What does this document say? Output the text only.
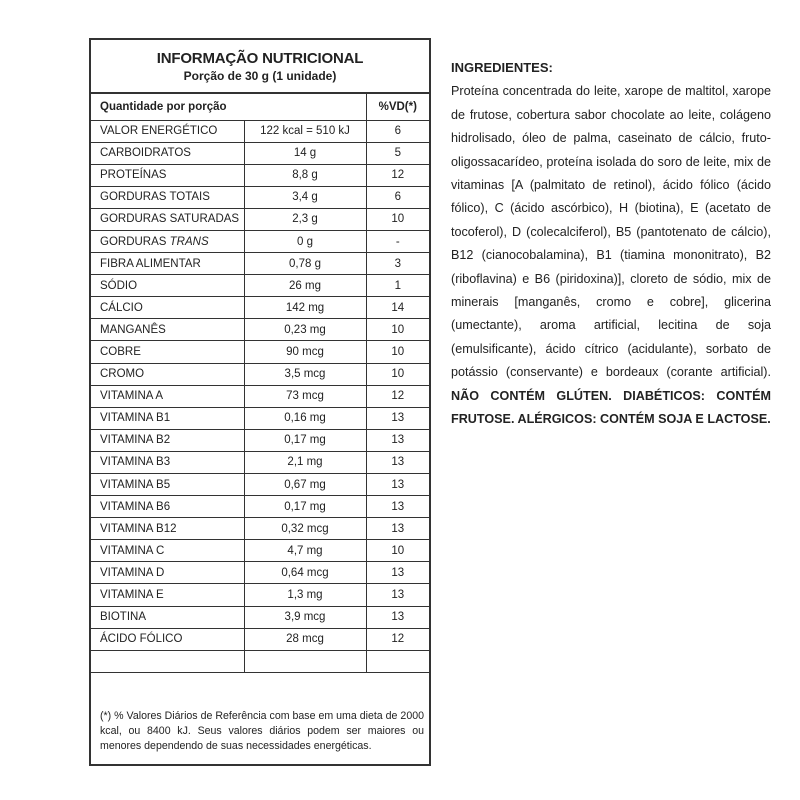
INFORMAÇÃO NUTRICIONAL
Porção de 30 g (1 unidade)
Quantidade por porção		%VD(*)
VALOR ENERGÉTICO	122 kcal = 510 kJ	6
CARBOIDRATOS	14 g	5
PROTEÍNAS	8,8 g	12
GORDURAS TOTAIS	3,4 g	6
GORDURAS SATURADAS	2,3 g	10
GORDURAS TRANS	0 g	-
FIBRA ALIMENTAR	0,78 g	3
SÓDIO	26 mg	1
CÁLCIO	142 mg	14
MANGANÊS	0,23 mg	10
COBRE	90 mcg	10
CROMO	3,5 mcg	10
VITAMINA A	73 mcg	12
VITAMINA B1	0,16 mg	13
VITAMINA B2	0,17 mg	13
VITAMINA B3	2,1 mg	13
VITAMINA B5	0,67 mg	13
VITAMINA B6	0,17 mg	13
VITAMINA B12	0,32 mcg	13
VITAMINA C	4,7 mg	10
VITAMINA D	0,64 mcg	13
VITAMINA E	1,3 mg	13
BIOTINA	3,9 mcg	13
ÁCIDO FÓLICO	28 mcg	12

(*) % Valores Diários de Referência com base em uma dieta de 2000 kcal, ou 8400 kJ. Seus valores diários podem ser maiores ou menores dependendo de suas necessidades energéticas.
INGREDIENTES:
Proteína concentrada do leite, xarope de maltitol, xarope de frutose, cobertura sabor chocolate ao leite, colágeno hidrolisado, óleo de palma, caseinato de cálcio, fruto-oligossacarídeo, proteína isolada do soro de leite, mix de vitaminas [A (palmitato de retinol), ácido fólico (ácido fólico), C (ácido ascórbico), H (biotina), E (acetato de tocoferol), D (colecalciferol), B5 (pantotenato de cálcio), B12 (cianocobalamina), B1 (tiamina mononitrato), B2 (riboflavina) e B6 (piridoxina)], cloreto de sódio, mix de minerais [manganês, cromo e cobre], glicerina (umectante), aroma artificial, lecitina de soja (emulsificante), ácido cítrico (acidulante), sorbato de potássio (conservante) e bordeaux (corante artificial). NÃO CONTÉM GLÚTEN. DIABÉTICOS: CONTÉM FRUTOSE. ALÉRGICOS: CONTÉM SOJA E LACTOSE.
